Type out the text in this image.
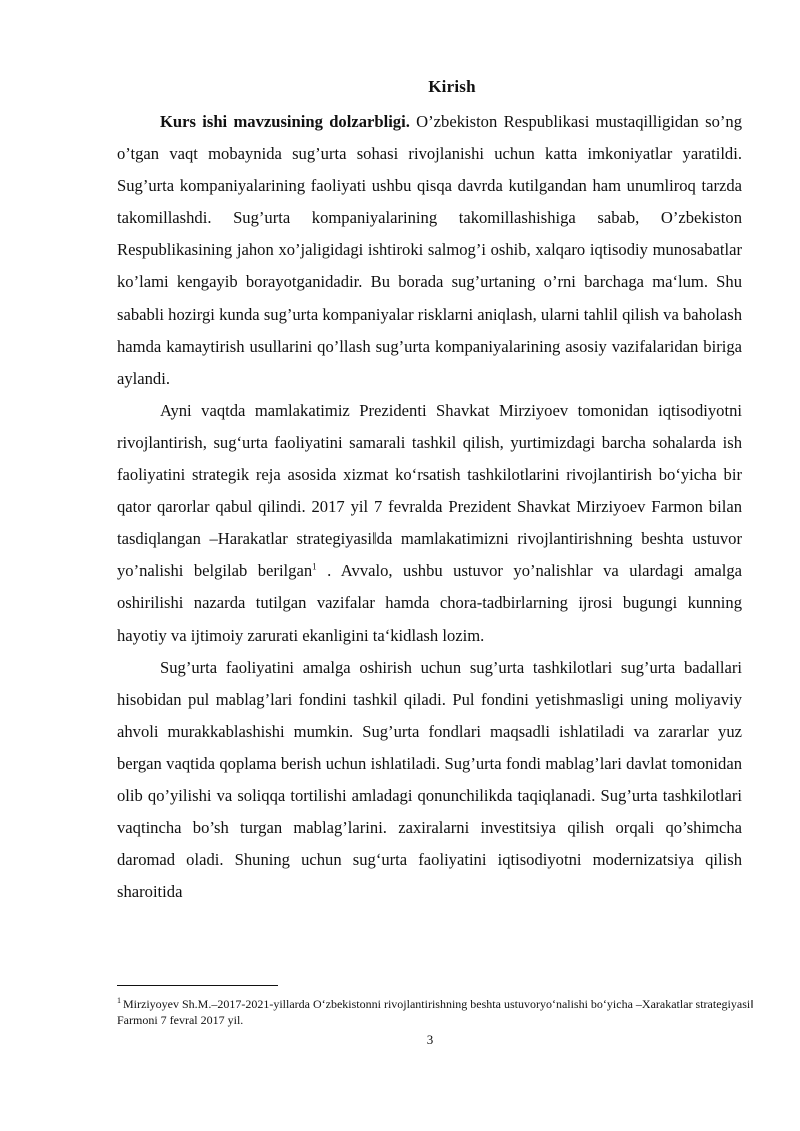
Kirish

Kurs ishi mavzusining dolzarbligi. O’zbekiston Respublikasi mustaqilligidan so’ng o’tgan vaqt mobaynida sug’urta sohasi rivojlanishi uchun katta imkoniyatlar yaratildi. Sug’urta kompaniyalarining faoliyati ushbu qisqa davrda kutilgandan ham unumliroq tarzda takomillashdi. Sug’urta kompaniyalarining takomillashishiga sabab, O’zbekiston Respublikasining jahon xo’jaligidagi ishtiroki salmog’i oshib, xalqaro iqtisodiy munosabatlar ko’lami kengayib borayotganidadir. Bu borada sug’urtaning o’rni barchaga ma‘lum. Shu sababli hozirgi kunda sug’urta kompaniyalar risklarni aniqlash, ularni tahlil qilish va baholash hamda kamaytirish usullarini qo’llash sug’urta kompaniyalarining asosiy vazifalaridan biriga aylandi.

Ayni vaqtda mamlakatimiz Prezidenti Shavkat Mirziyoev tomonidan iqtisodiyotni rivojlantirish, sug‘urta faoliyatini samarali tashkil qilish, yurtimizdagi barcha sohalarda ish faoliyatini strategik reja asosida xizmat ko‘rsatish tashkilotlarini rivojlantirish bo‘yicha bir qator qarorlar qabul qilindi. 2017 yil 7 fevralda Prezident Shavkat Mirziyoev Farmon bilan tasdiqlangan –Harakatlar strategiyasi‖da mamlakatimizni rivojlantirishning beshta ustuvor yo’nalishi belgilab berilgan$^1$ . Avvalo, ushbu ustuvor yo’nalishlar va ulardagi amalga oshirilishi nazarda tutilgan vazifalar hamda chora-tadbirlarning ijrosi bugungi kunning hayotiy va ijtimoiy zarurati ekanligini ta‘kidlash lozim.

Sug’urta faoliyatini amalga oshirish uchun sug’urta tashkilotlari sug’urta badallari hisobidan pul mablag’lari fondini tashkil qiladi. Pul fondini yetishmasligi uning moliyaviy ahvoli murakkablashishi mumkin. Sug’urta fondlari maqsadli ishlatiladi va zararlar yuz bergan vaqtida qoplama berish uchun ishlatiladi. Sug’urta fondi mablag’lari davlat tomonidan olib qo’yilishi va soliqqa tortilishi amladagi qonunchilikda taqiqlanadi. Sug’urta tashkilotlari vaqtincha bo’sh turgan mablag’larini. zaxiralarni investitsiya qilish orqali qo’shimcha daromad oladi. Shuning uchun sug‘urta faoliyatini iqtisodiyotni modernizatsiya qilish sharoitida

$^1$ Mirziyoyev Sh.M.–2017-2021-yillarda O‘zbekistonni rivojlantirishning beshta ustuvoryo‘nalishi bo‘yicha –Xarakatlar strategiyasi‖ Farmoni 7 fevral 2017 yil.
3
